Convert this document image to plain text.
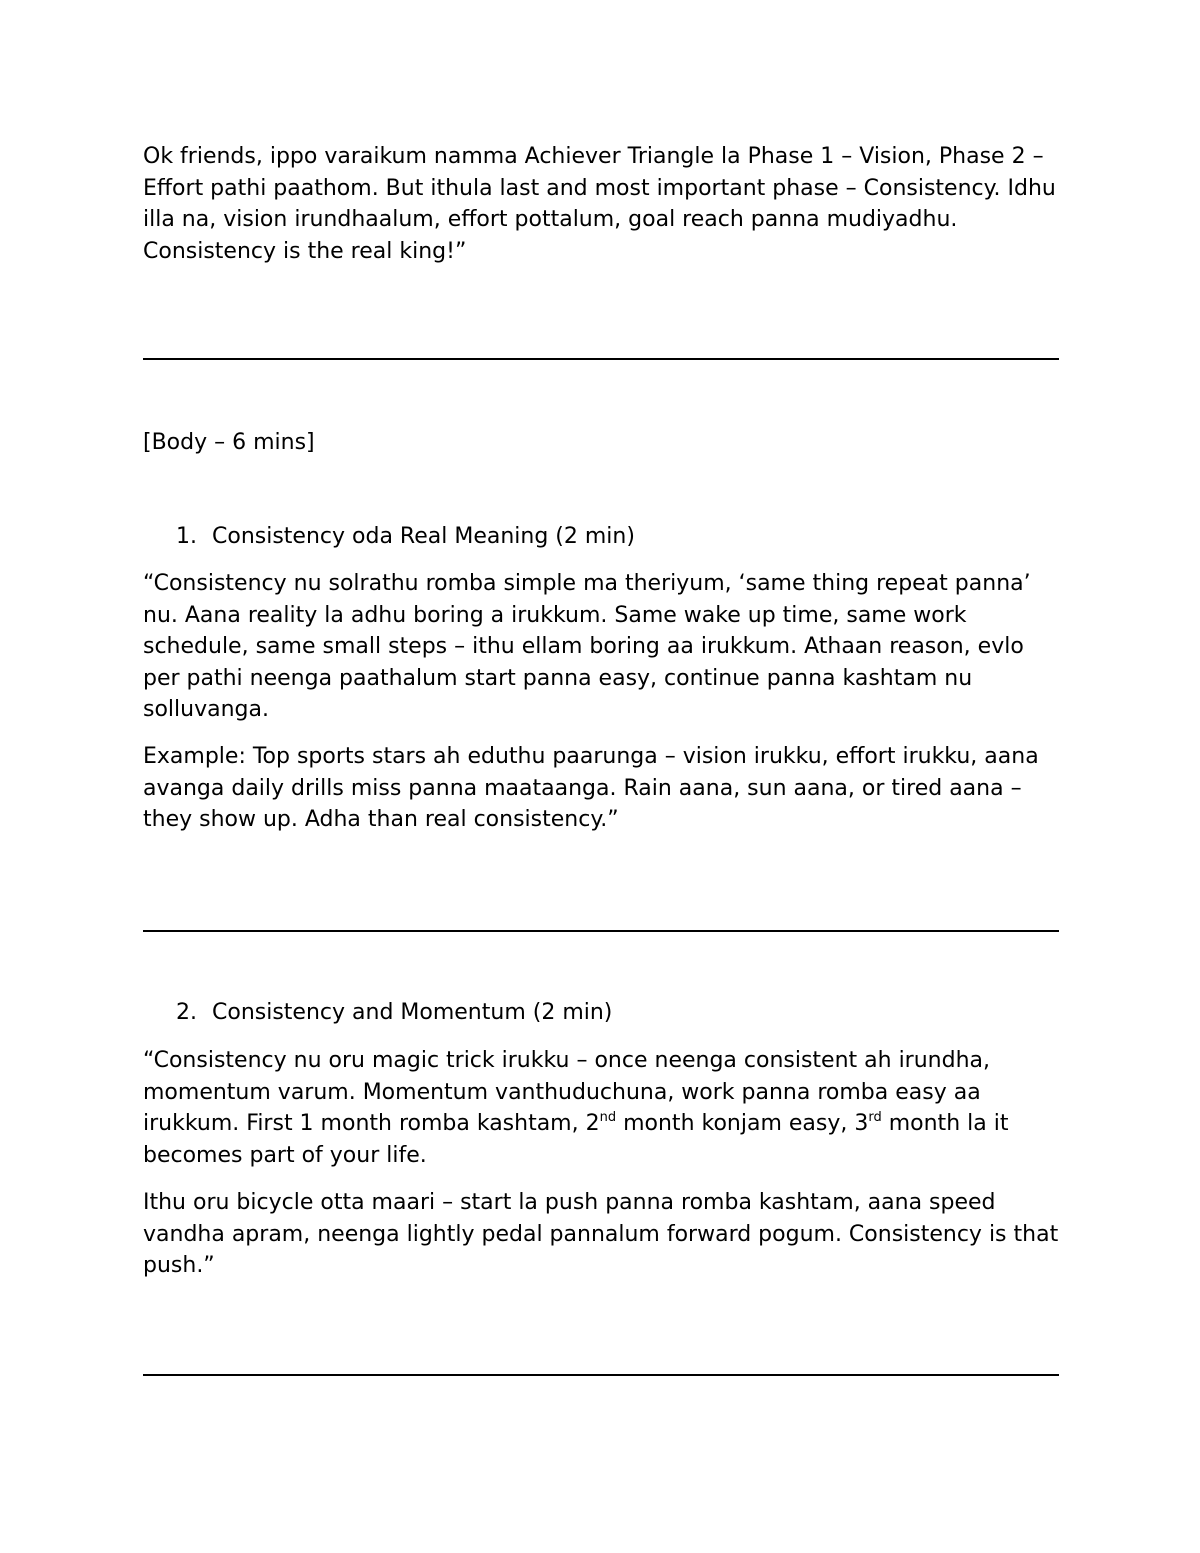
Ok friends, ippo varaikum namma Achiever Triangle la Phase 1 – Vision, Phase 2 – Effort pathi paathom. But ithula last and most important phase – Consistency. Idhu illa na, vision irundhaalum, effort pottalum, goal reach panna mudiyadhu. Consistency is the real king!”

[Body – 6 mins]

1. Consistency oda Real Meaning (2 min)

“Consistency nu solrathu romba simple ma theriyum, ‘same thing repeat panna’ nu. Aana reality la adhu boring a irukkum. Same wake up time, same work schedule, same small steps – ithu ellam boring aa irukkum. Athaan reason, evlo per pathi neenga paathalum start panna easy, continue panna kashtam nu solluvanga.

Example: Top sports stars ah eduthu paarunga – vision irukku, effort irukku, aana avanga daily drills miss panna maataanga. Rain aana, sun aana, or tired aana – they show up. Adha than real consistency.”

2. Consistency and Momentum (2 min)

“Consistency nu oru magic trick irukku – once neenga consistent ah irundha, momentum varum. Momentum vanthuduchuna, work panna romba easy aa irukkum. First 1 month romba kashtam, 2nd month konjam easy, 3rd month la it becomes part of your life.

Ithu oru bicycle otta maari – start la push panna romba kashtam, aana speed vandha apram, neenga lightly pedal pannalum forward pogum. Consistency is that push.”
